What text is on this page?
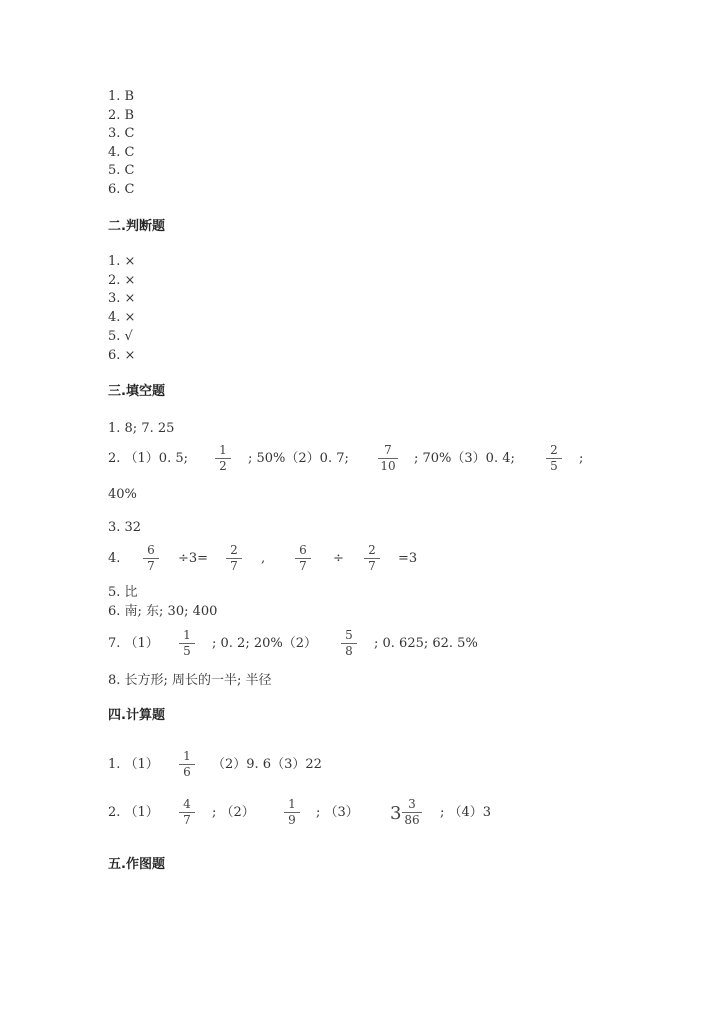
1. B
2. B
3. C
4. C
5. C
6. C
二.判断题
1. ×
2. ×
3. ×
4. ×
5. √
6. ×
三.填空题
1. 8; 7. 25
2. （1）0. 5;
1
2	; 50%（2）0. 7;
7
10 ; 70%（3）0. 4;
2
5	;
40%
3. 32
4.
6
7	÷3=
2
7	,
6
7	÷
2
7	=3
5. 比
6. 南; 东; 30; 400
7. （1）
1
5	; 0. 2; 20%（2）
5
8	; 0. 625; 62. 5%
8. 长方形; 周长的一半; 半径
四.计算题
1. （1）
1
6	（2）9. 6（3）22
2. （1）
4
7	; （2）
1
9	; （3） 3 3
86 ; （4）3
五.作图题
